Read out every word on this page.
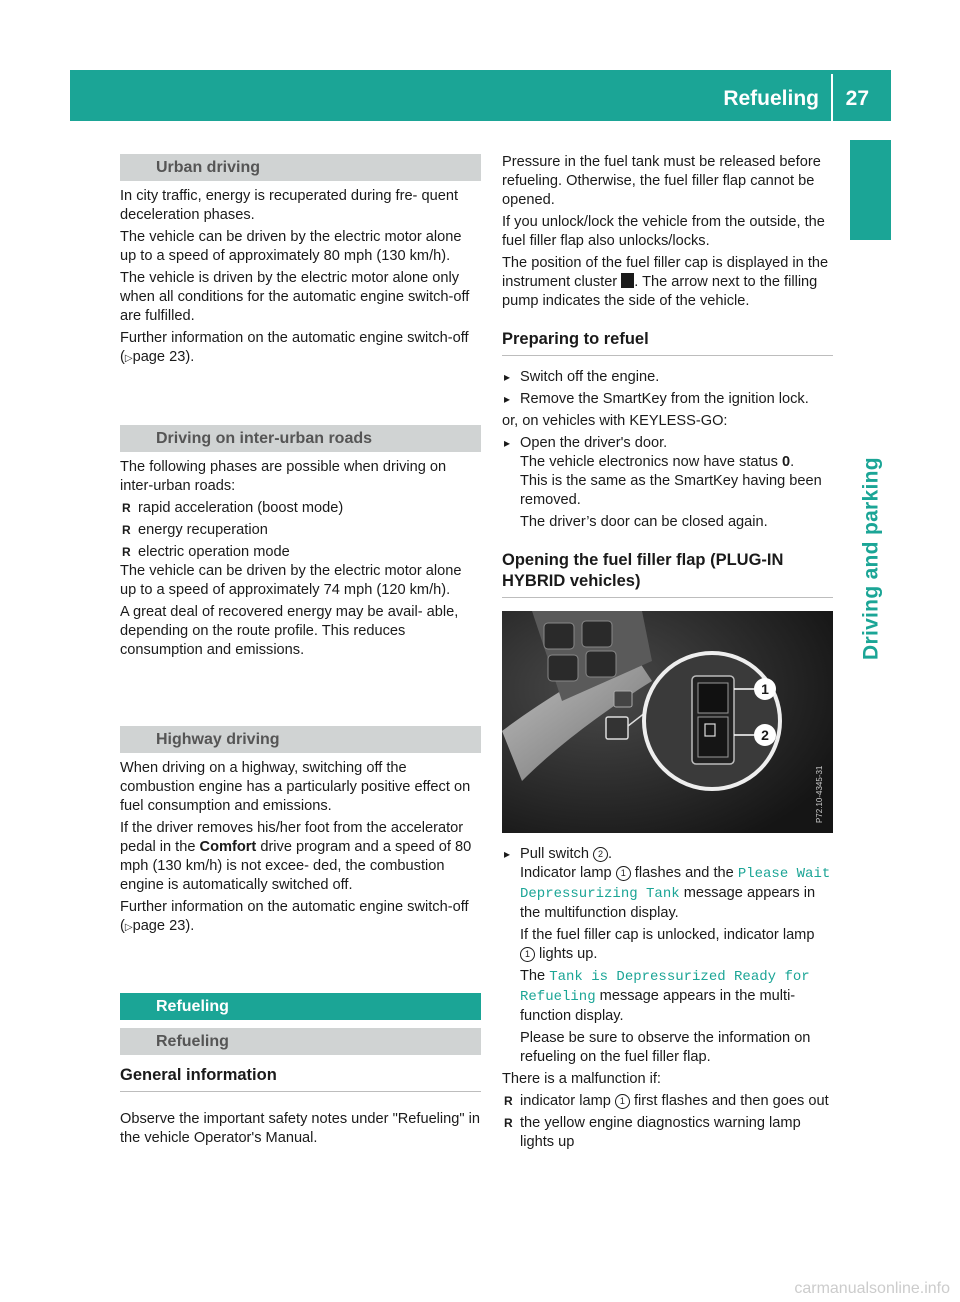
Refueling 27
Driving and parking
Urban driving

In city traffic, energy is recuperated during fre- quent deceleration phases.

The vehicle can be driven by the electric motor alone up to a speed of approximately 80 mph (130 km/h).

The vehicle is driven by the electric motor alone only when all conditions for the automatic engine switch-off are fulfilled.

Further information on the automatic engine switch-off (▷page 23).

Driving on inter-urban roads

The following phases are possible when driving on inter-urban roads:

R rapid acceleration (boost mode)

R energy recuperation

R electric operation mode

The vehicle can be driven by the electric motor alone up to a speed of approximately 74 mph (120 km/h).

A great deal of recovered energy may be avail- able, depending on the route profile. This reduces consumption and emissions.

Highway driving

When driving on a highway, switching off the combustion engine has a particularly positive effect on fuel consumption and emissions.

If the driver removes his/her foot from the accelerator pedal in the Comfort drive program and a speed of 80 mph (130 km/h) is not excee- ded, the combustion engine is automatically switched off.

Further information on the automatic engine switch-off (▷page 23).

Refueling
Refueling
General information

Observe the important safety notes under "Refueling" in the vehicle Operator's Manual.

Pressure in the fuel tank must be released before refueling. Otherwise, the fuel filler flap cannot be opened.

If you unlock/lock the vehicle from the outside, the fuel filler flap also unlocks/locks.

The position of the fuel filler cap is displayed in the instrument cluster . The arrow next to the filling pump indicates the side of the vehicle.

Preparing to refuel

▸ Switch off the engine.

▸ Remove the SmartKey from the ignition lock.

or, on vehicles with KEYLESS-GO:

▸ Open the driver's door.

The vehicle electronics now have status 0.

This is the same as the SmartKey having been removed.

The driver’s door can be closed again.

Opening the fuel filler flap (PLUG-IN HYBRID vehicles)
1
2
P72.10-4345-31

▸ Pull switch 2 .

Indicator lamp 1 flashes and the Please Wait Depressurizing Tank message appears in the multifunction display.

If the fuel filler cap is unlocked, indicator lamp 1 lights up.

The Tank is Depressurized Ready for Refueling message appears in the multi- function display.

Please be sure to observe the information on refueling on the fuel filler flap.

There is a malfunction if:

R indicator lamp 1 first flashes and then goes out

R the yellow engine diagnostics warning lamp lights up

carmanualsonline.info
